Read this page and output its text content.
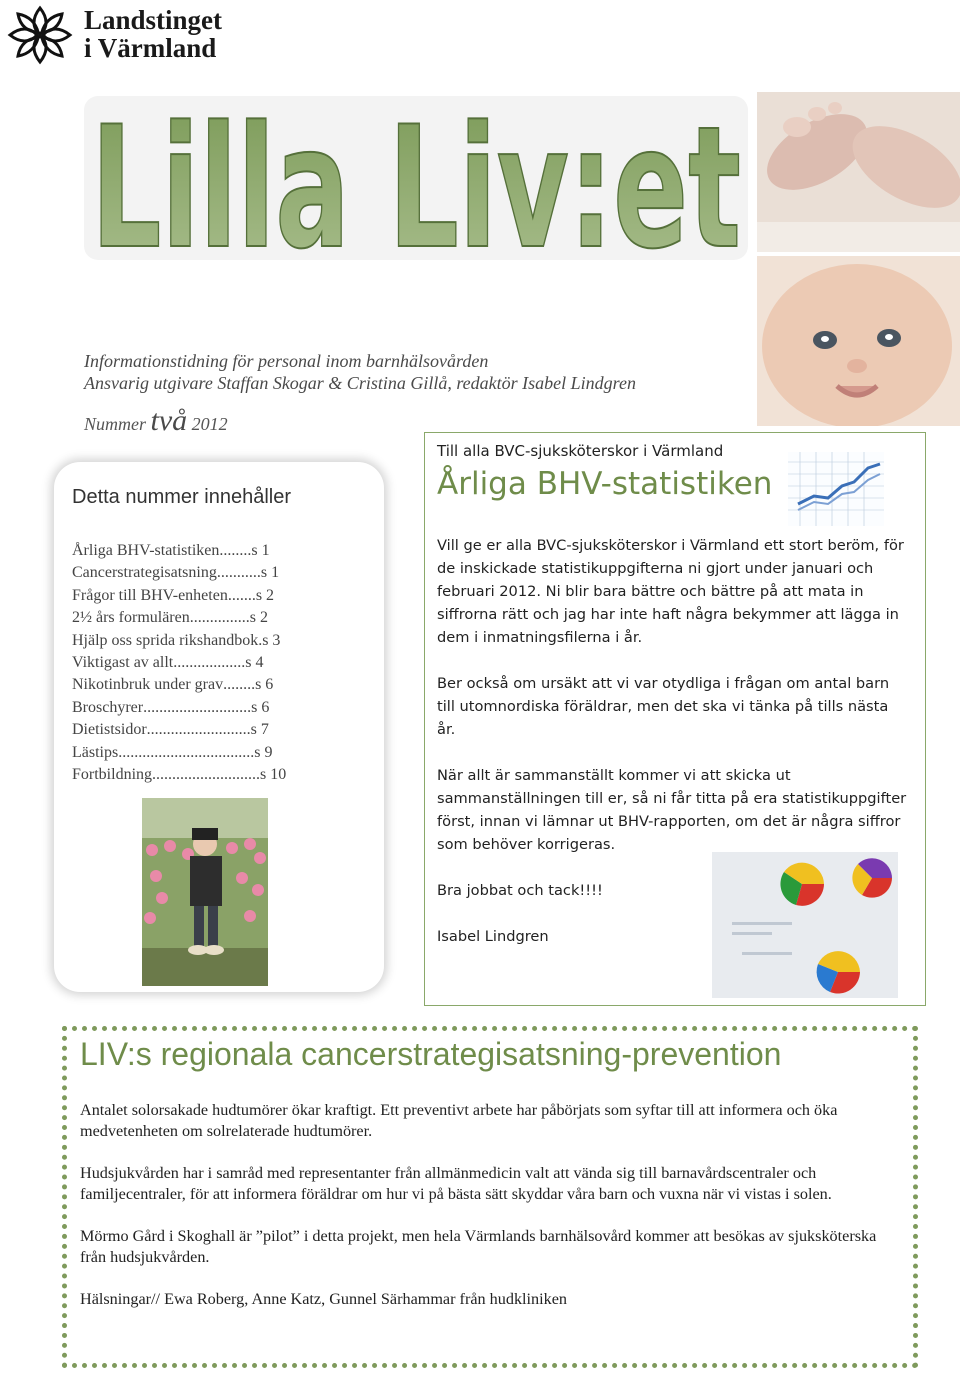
Landstinget
i Värmland
Lilla Liv:et
Informationstidning för personal inom barnhälsovården
Ansvarig utgivare Staffan Skogar & Cristina Gillå, redaktör Isabel Lindgren
Nummer två 2012
Detta nummer innehåller
Årliga BHV-statistiken ........ s 1
Cancerstrategisatsning ........... s 1
Frågor till BHV-enheten ....... s 2
2½ års formulären ............... s 2
Hjälp oss sprida rikshandbok . s 3
Viktigast av allt .................. s 4
Nikotinbruk under grav ........ s 6
Broschyrer ........................... s 6
Dietistsidor .......................... s 7
Lästips .................................. s 9
Fortbildning ........................... s 10
Till alla BVC-sjuksköterskor i Värmland
Årliga BHV-statistiken

Vill ge er alla BVC-sjuksköterskor i Värmland ett stort beröm, för de inskickade statistikuppgifterna ni gjort under januari och februari 2012. Ni blir bara bättre och bättre på att mata in siffrorna rätt och jag har inte haft några bekymmer att lägga in dem i inmatningsfilerna i år.

Ber också om ursäkt att vi var otydliga i frågan om antal barn till utomnordiska föräldrar, men det ska vi tänka på tills nästa år.

När allt är sammanställt kommer vi att skicka ut sammanställningen till er, så ni får titta på era statistikuppgifter först, innan vi lämnar ut BHV-rapporten, om det är några siffror som behöver korrigeras.

Bra jobbat och tack!!!!

Isabel Lindgren

LIV:s regionala cancerstrategisatsning-prevention

Antalet solorsakade hudtumörer ökar kraftigt. Ett preventivt arbete har påbörjats som syftar till att informera och öka medvetenheten om solrelaterade hudtumörer.

Hudsjukvården har i samråd med representanter från allmänmedicin valt att vända sig till barnavårdscentraler och familjecentraler, för att informera föräldrar om hur vi på bästa sätt skyddar våra barn och vuxna när vi vistas i solen.

Mörmo Gård i Skoghall är ”pilot” i detta projekt, men hela Värmlands barnhälsovård kommer att besökas av sjuksköterska från hudsjukvården.

Hälsningar// Ewa Roberg, Anne Katz, Gunnel Särhammar från hudkliniken
